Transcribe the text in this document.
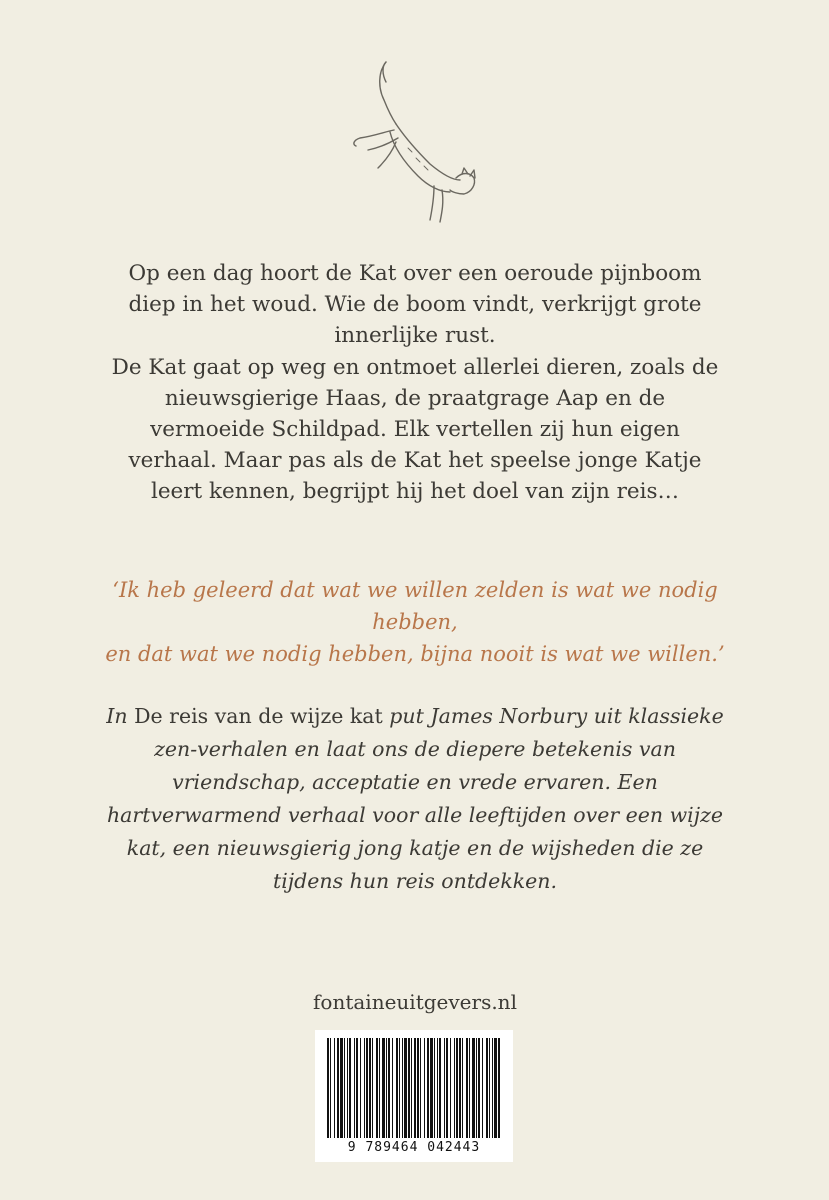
Op een dag hoort de Kat over een oeroude pijnboom diep in het woud. Wie de boom vindt, verkrijgt grote innerlijke rust.

De Kat gaat op weg en ontmoet allerlei dieren, zoals de nieuwsgierige Haas, de praatgrage Aap en de vermoeide Schildpad. Elk vertellen zij hun eigen verhaal. Maar pas als de Kat het speelse jonge Katje leert kennen, begrijpt hij het doel van zijn reis…

‘Ik heb geleerd dat wat we willen zelden is wat we nodig hebben,
en dat wat we nodig hebben, bijna nooit is wat we willen.’

In De reis van de wijze kat put James Norbury uit klassieke zen-verhalen en laat ons de diepere betekenis van vriendschap, acceptatie en vrede ervaren. Een hartverwarmend verhaal voor alle leeftijden over een wijze kat, een nieuwsgierig jong katje en de wijsheden die ze tijdens hun reis ontdekken.

fontaineuitgevers.nl

9 789464 042443
